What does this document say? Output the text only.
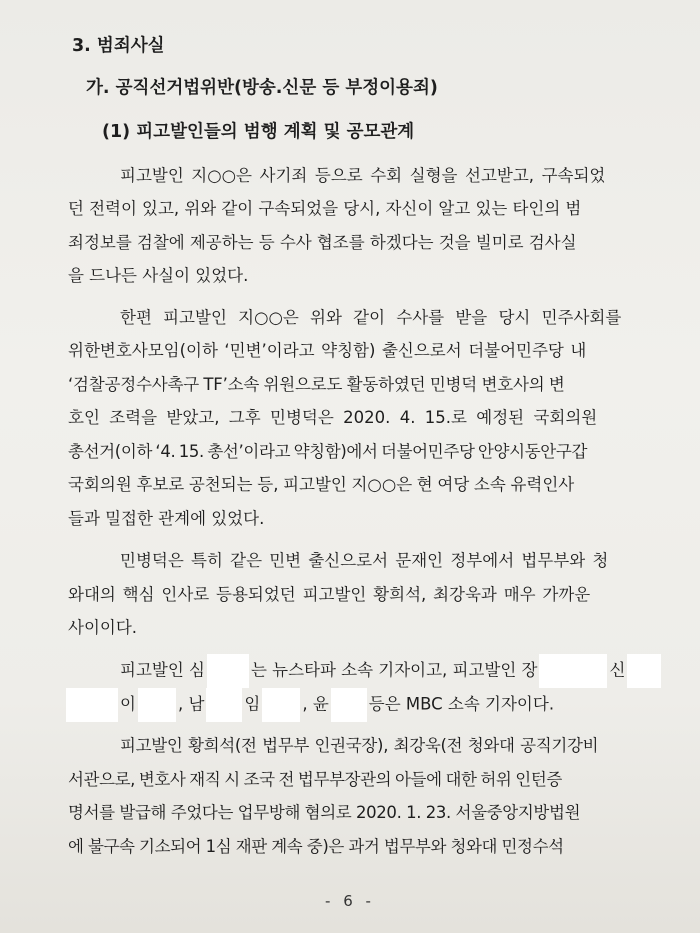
3. 범죄사실
가. 공직선거법위반(방송.신문 등 부정이용죄)
(1) 피고발인들의 범행 계획 및 공모관계
피고발인 지○○은 사기죄 등으로 수회 실형을 선고받고, 구속되었
던 전력이 있고, 위와 같이 구속되었을 당시, 자신이 알고 있는 타인의 범
죄정보를 검찰에 제공하는 등 수사 협조를 하겠다는 것을 빌미로 검사실
을 드나든 사실이 있었다.
한편 피고발인 지○○은 위와 같이 수사를 받을 당시 민주사회를
위한변호사모임(이하 ‘민변’이라고 약칭함) 출신으로서 더불어민주당 내
‘검찰공정수사촉구 TF’소속 위원으로도 활동하였던 민병덕 변호사의 변
호인 조력을 받았고, 그후 민병덕은 2020. 4. 15.로 예정된 국회의원
총선거(이하 ‘4. 15. 총선’이라고 약칭함)에서 더불어민주당 안양시동안구갑
국회의원 후보로 공천되는 등, 피고발인 지○○은 현 여당 소속 유력인사
들과 밀접한 관계에 있었다.
민병덕은 특히 같은 민변 출신으로서 문재인 정부에서 법무부와 청
와대의 핵심 인사로 등용되었던 피고발인 황희석, 최강욱과 매우 가까운
사이이다.
피고발인 심	는 뉴스타파 소속 기자이고, 피고발인 장	신
이	, 남 임	, 윤 등은 MBC 소속 기자이다.
피고발인 황희석(전 법무부 인권국장), 최강욱(전 청와대 공직기강비
서관으로, 변호사 재직 시 조국 전 법무부장관의 아들에 대한 허위 인턴증
명서를 발급해 주었다는 업무방해 혐의로 2020. 1. 23. 서울중앙지방법원
에 불구속 기소되어 1심 재판 계속 중)은 과거 법무부와 청와대 민정수석
- 6 -
